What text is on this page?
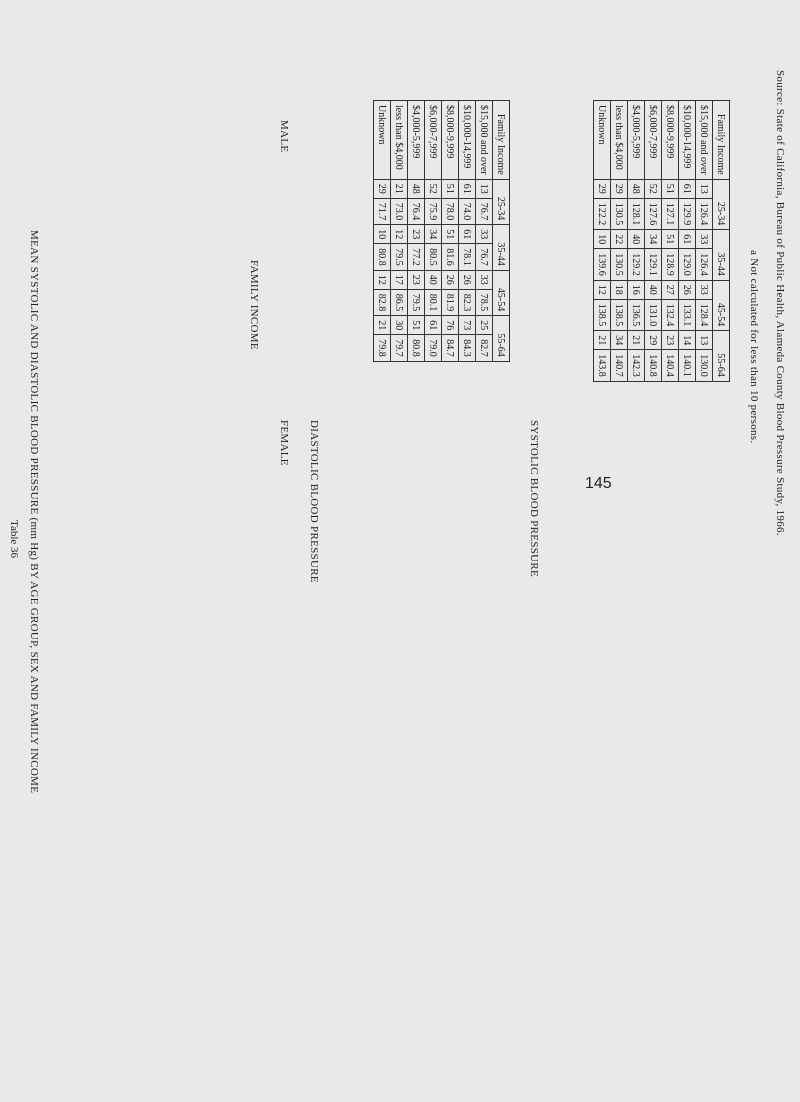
145	Source: State of California, Bureau of Public Health, Alameda County Blood Pressure Study, 1966.
a Not calculated for less than 10 persons.
Family Income	25-34		35-44		45-54		55-64	
$15,000 and over	13	126.4	33	126.4	33	128.4	13	130.0
$10,000-14,999	61	129.9	61	129.0	26	133.1	14	140.1
$8,000-9,999	51	127.1	51	128.9	27	132.4	23	140.4
$6,000-7,999	52	127.6	34	129.1	40	131.0	29	140.8
$4,000-5,999	48	128.1	40	129.2	16	136.5	21	142.3
less than $4,000	29	130.5	22	130.5	18	138.5	34	140.7
Unknown	29	122.2	10	139.6	12	138.5	21	143.8
SYSTOLIC BLOOD PRESSURE
Family Income	25-34		35-44		45-54		55-64	
$15,000 and over	13	76.7	33	76.7	33	78.5	25	82.7
$10,000-14,999	61	74.0	61	78.1	26	82.3	73	84.3
$8,000-9,999	51	78.0	51	81.6	26	81.9	76	84.7
$6,000-7,999	52	75.9	34	80.5	40	80.1	61	79.0
$4,000-5,999	48	76.4	23	77.2	23	79.5	51	80.8
less than $4,000	21	73.0	12	79.5	17	86.5	30	79.7
Unknown	29	71.7	10	80.8	12	82.8	21	79.8
DIASTOLIC BLOOD PRESSURE
MALE
FEMALE
FAMILY INCOME
MEAN SYSTOLIC AND DIASTOLIC BLOOD PRESSURE (mm Hg) BY AGE GROUP, SEX AND FAMILY INCOME
Table 36
